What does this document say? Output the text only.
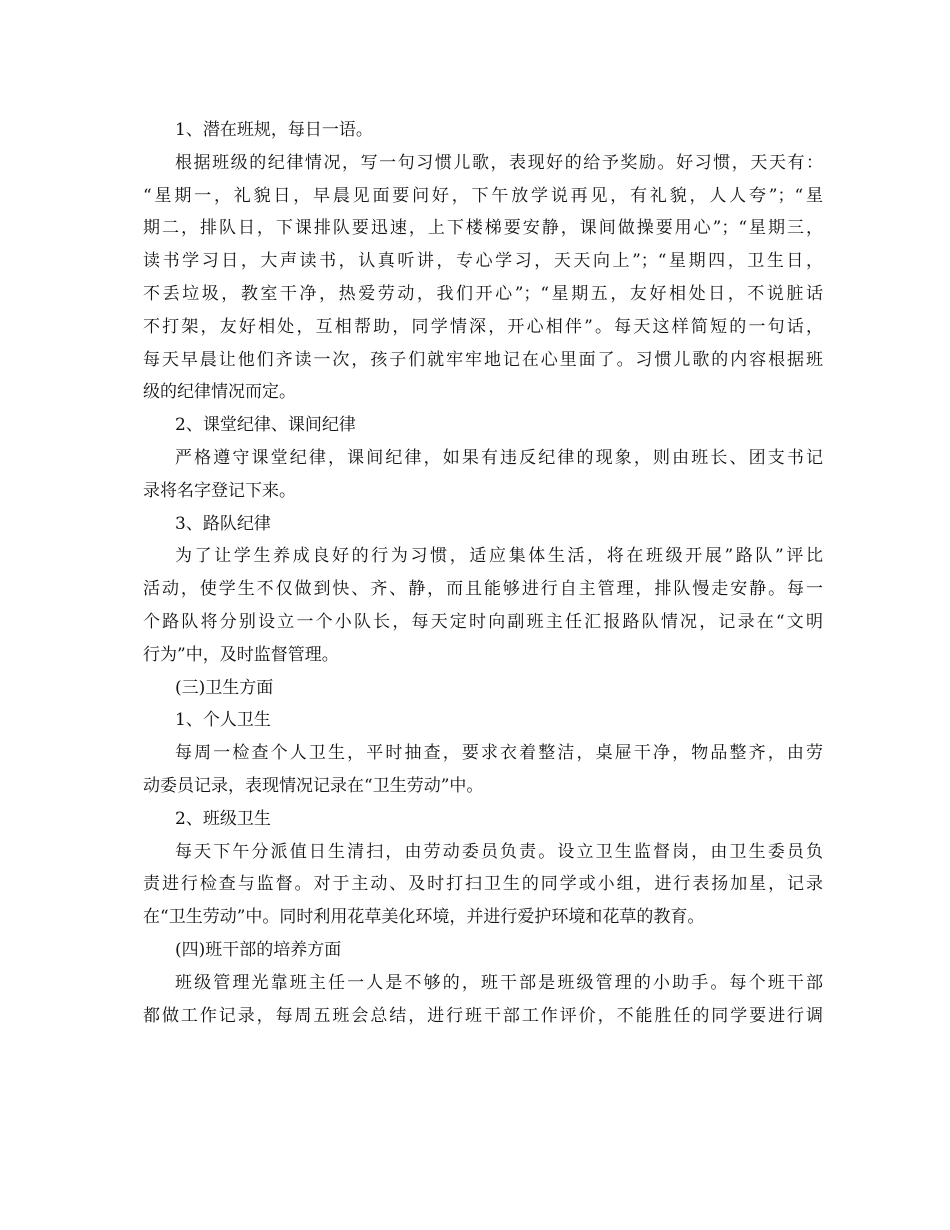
1、潜在班规，每日一语。
根据班级的纪律情况，写一句习惯儿歌，表现好的给予奖励。好习惯，天天有：
“星期一，礼貌日，早晨见面要问好，下午放学说再见，有礼貌，人人夸”；“星
期二，排队日，下课排队要迅速，上下楼梯要安静，课间做操要用心”；“星期三，
读书学习日，大声读书，认真听讲，专心学习，天天向上”；“星期四，卫生日，
不丢垃圾，教室干净，热爱劳动，我们开心”；“星期五，友好相处日，不说脏话
不打架，友好相处，互相帮助，同学情深，开心相伴”。每天这样简短的一句话，
每天早晨让他们齐读一次，孩子们就牢牢地记在心里面了。习惯儿歌的内容根据班
级的纪律情况而定。
2、课堂纪律、课间纪律
严格遵守课堂纪律，课间纪律，如果有违反纪律的现象，则由班长、团支书记
录将名字登记下来。
3、路队纪律
为了让学生养成良好的行为习惯，适应集体生活，将在班级开展”路队”评比
活动，使学生不仅做到快、齐、静，而且能够进行自主管理，排队慢走安静。每一
个路队将分别设立一个小队长，每天定时向副班主任汇报路队情况，记录在“文明
行为”中，及时监督管理。
(三)卫生方面
1、个人卫生
每周一检查个人卫生，平时抽查，要求衣着整洁，桌屉干净，物品整齐，由劳
动委员记录，表现情况记录在“卫生劳动”中。
2、班级卫生
每天下午分派值日生清扫，由劳动委员负责。设立卫生监督岗，由卫生委员负
责进行检查与监督。对于主动、及时打扫卫生的同学或小组，进行表扬加星，记录
在“卫生劳动”中。同时利用花草美化环境，并进行爱护环境和花草的教育。
(四)班干部的培养方面
班级管理光靠班主任一人是不够的，班干部是班级管理的小助手。每个班干部
都做工作记录，每周五班会总结，进行班干部工作评价，不能胜任的同学要进行调
